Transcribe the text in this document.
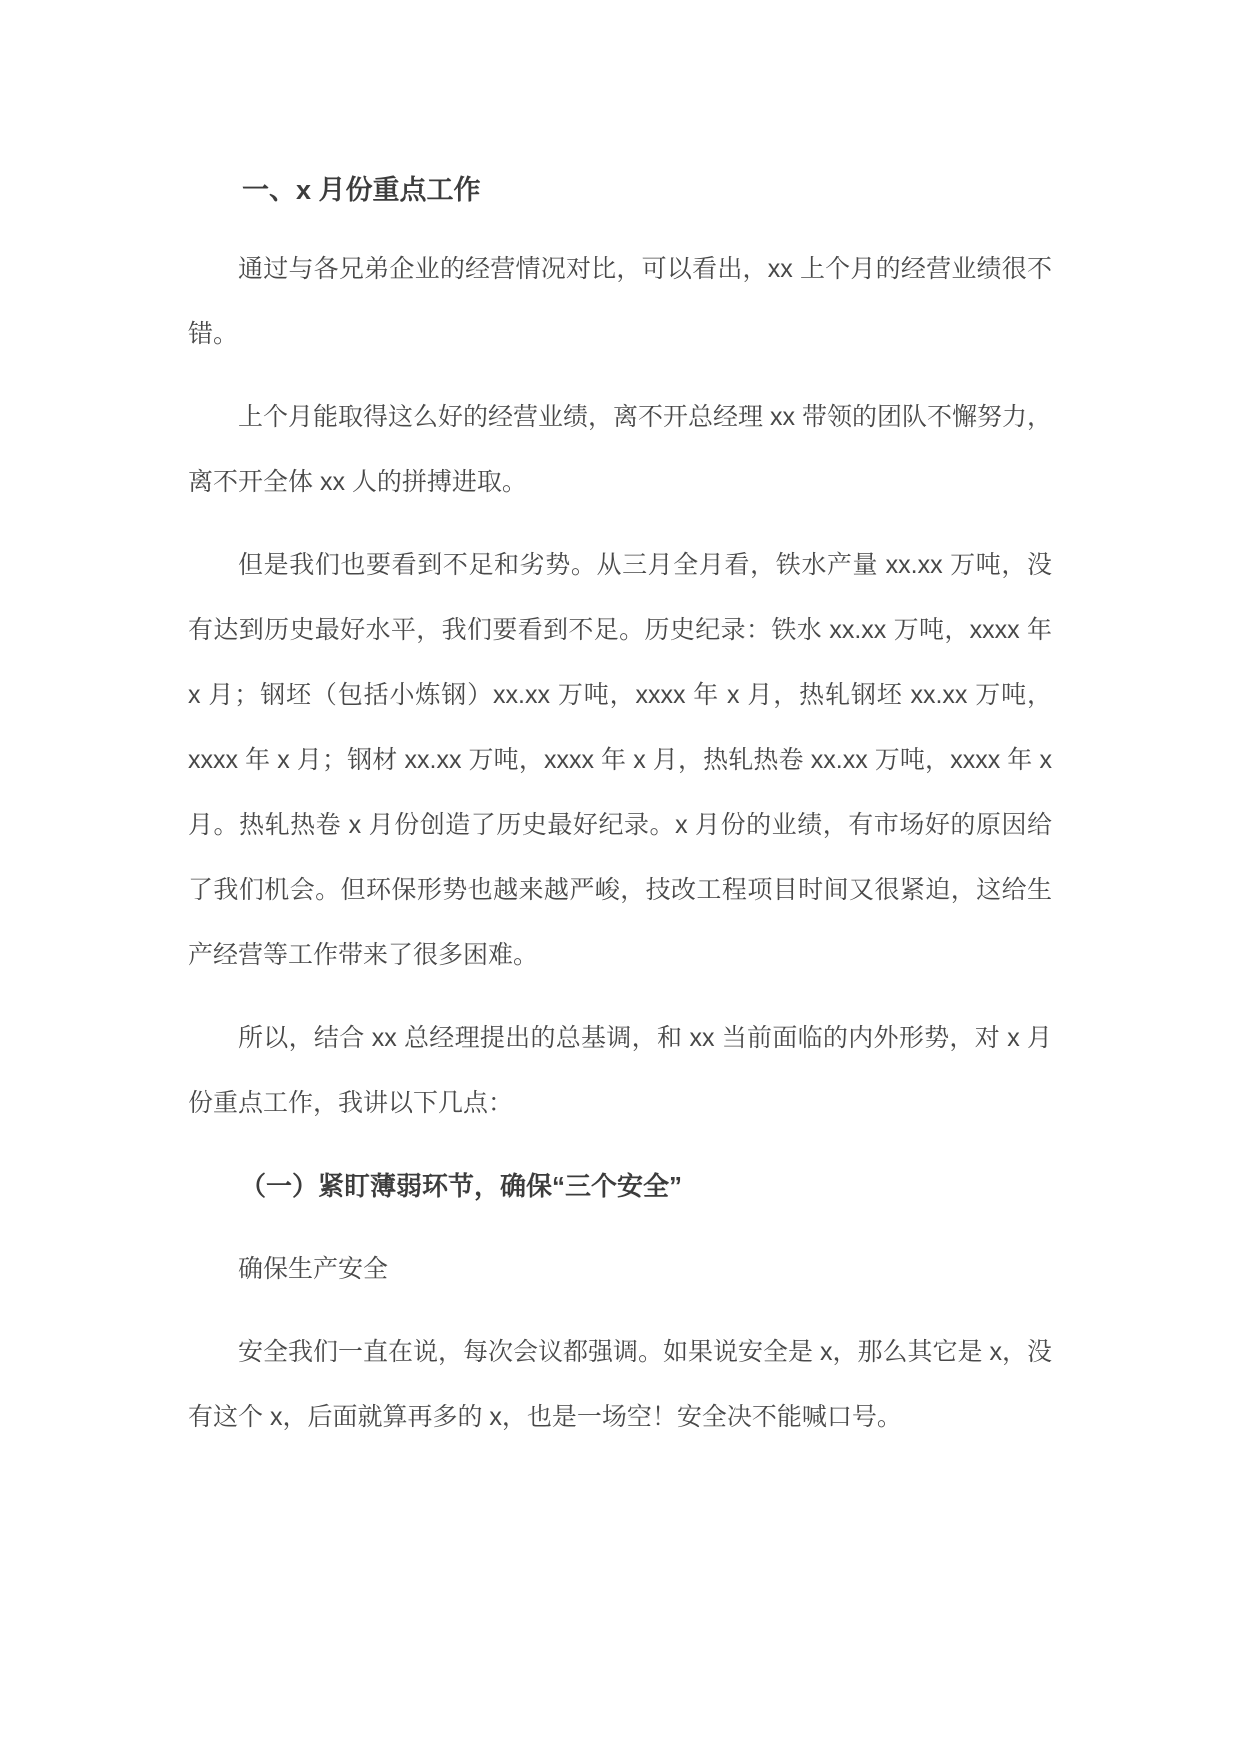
一、x 月份重点工作

通过与各兄弟企业的经营情况对比，可以看出，xx 上个月的经营业绩很不错。

上个月能取得这么好的经营业绩，离不开总经理 xx 带领的团队不懈努力，离不开全体 xx 人的拼搏进取。

但是我们也要看到不足和劣势。从三月全月看，铁水产量 xx.xx 万吨，没有达到历史最好水平，我们要看到不足。历史纪录：铁水 xx.xx 万吨，xxxx 年 x 月；钢坯（包括小炼钢）xx.xx 万吨，xxxx 年 x 月，热轧钢坯 xx.xx 万吨，xxxx 年 x 月；钢材 xx.xx 万吨，xxxx 年 x 月，热轧热卷 xx.xx 万吨，xxxx 年 x 月。热轧热卷 x 月份创造了历史最好纪录。x 月份的业绩，有市场好的原因给了我们机会。但环保形势也越来越严峻，技改工程项目时间又很紧迫，这给生产经营等工作带来了很多困难。

所以，结合 xx 总经理提出的总基调，和 xx 当前面临的内外形势，对 x 月份重点工作，我讲以下几点：

（一）紧盯薄弱环节，确保“三个安全”
确保生产安全

安全我们一直在说，每次会议都强调。如果说安全是 x，那么其它是 x，没有这个 x，后面就算再多的 x，也是一场空！安全决不能喊口号。
